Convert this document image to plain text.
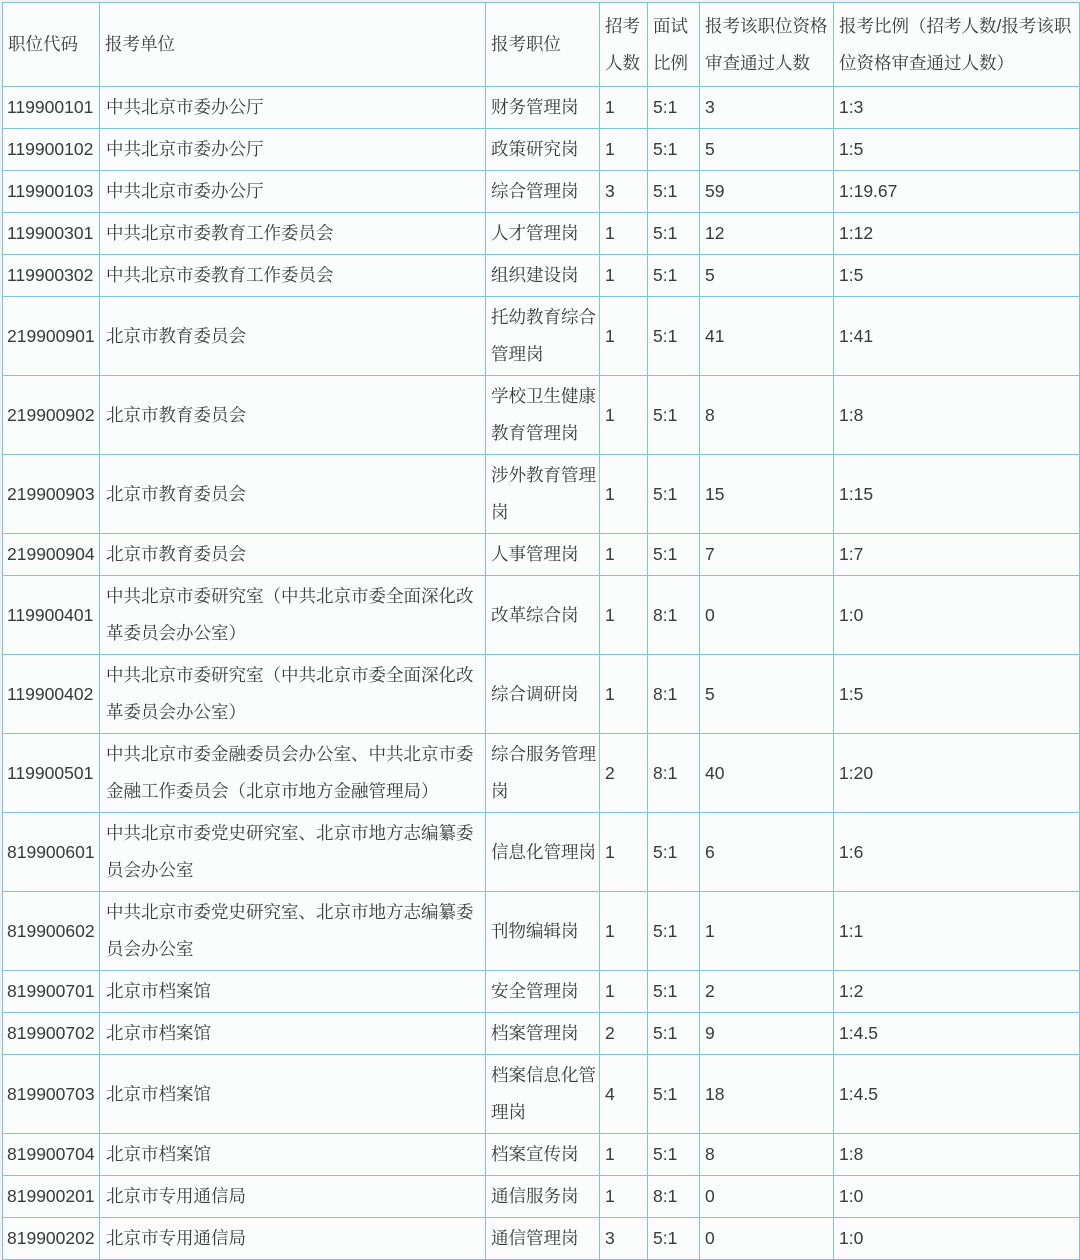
职位代码	报考单位	报考职位	招考人数	面试比例	报考该职位资格审查通过人数	报考比例（招考人数/报考该职位资格审查通过人数）
119900101	中共北京市委办公厅	财务管理岗	1	5:1	3	1:3
119900102	中共北京市委办公厅	政策研究岗	1	5:1	5	1:5
119900103	中共北京市委办公厅	综合管理岗	3	5:1	59	1:19.67
119900301	中共北京市委教育工作委员会	人才管理岗	1	5:1	12	1:12
119900302	中共北京市委教育工作委员会	组织建设岗	1	5:1	5	1:5
219900901	北京市教育委员会	托幼教育综合管理岗	1	5:1	41	1:41
219900902	北京市教育委员会	学校卫生健康教育管理岗	1	5:1	8	1:8
219900903	北京市教育委员会	涉外教育管理岗	1	5:1	15	1:15
219900904	北京市教育委员会	人事管理岗	1	5:1	7	1:7
119900401	中共北京市委研究室（中共北京市委全面深化改革委员会办公室）	改革综合岗	1	8:1	0	1:0
119900402	中共北京市委研究室（中共北京市委全面深化改革委员会办公室）	综合调研岗	1	8:1	5	1:5
119900501	中共北京市委金融委员会办公室、中共北京市委金融工作委员会（北京市地方金融管理局）	综合服务管理岗	2	8:1	40	1:20
819900601	中共北京市委党史研究室、北京市地方志编纂委员会办公室	信息化管理岗	1	5:1	6	1:6
819900602	中共北京市委党史研究室、北京市地方志编纂委员会办公室	刊物编辑岗	1	5:1	1	1:1
819900701	北京市档案馆	安全管理岗	1	5:1	2	1:2
819900702	北京市档案馆	档案管理岗	2	5:1	9	1:4.5
819900703	北京市档案馆	档案信息化管理岗	4	5:1	18	1:4.5
819900704	北京市档案馆	档案宣传岗	1	5:1	8	1:8
819900201	北京市专用通信局	通信服务岗	1	8:1	0	1:0
819900202	北京市专用通信局	通信管理岗	3	5:1	0	1:0
